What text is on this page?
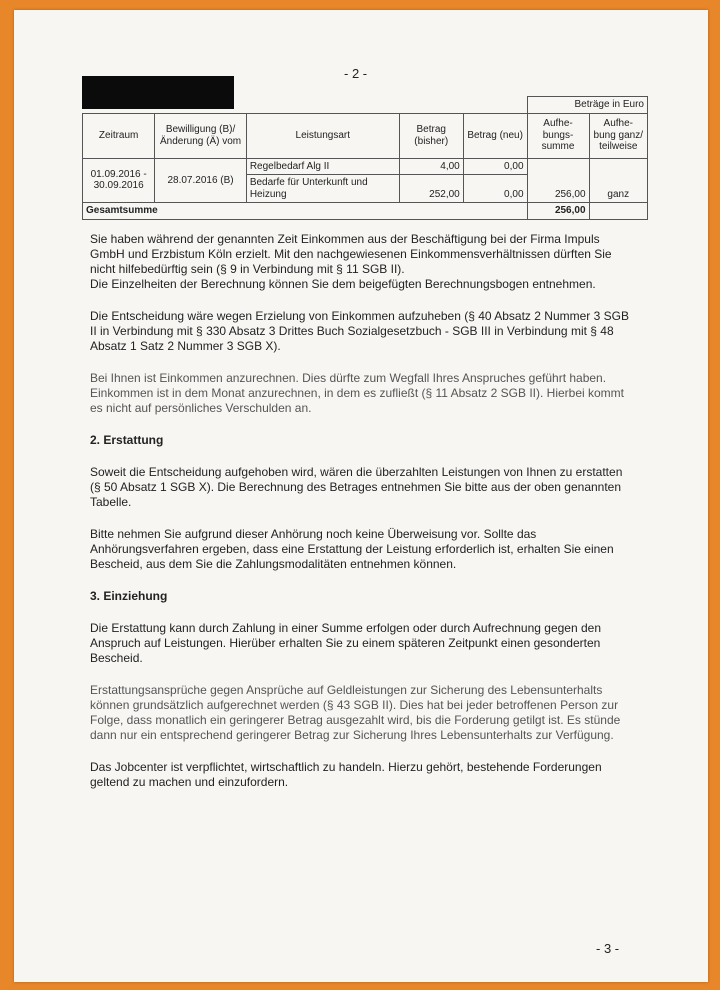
- 2 -
					Beträge in Euro	
Zeitraum	Bewilligung (B)/ Änderung (Ä) vom	Leistungsart	Betrag (bisher)	Betrag (neu)	Aufhe- bungs- summe	Aufhe- bung ganz/ teilweise

01.09.2016 -
30.09.2016	28.07.2016 (B)	Regelbedarf Alg II	4,00	0,00		
		Bedarfe für Unterkunft und Heizung	252,00	0,00	256,00	ganz
Gesamtsumme					256,00	

Sie haben während der genannten Zeit Einkommen aus der Beschäftigung bei der Firma Impuls GmbH und Erzbistum Köln erzielt. Mit den nachgewiesenen Einkommensverhältnissen dürften Sie nicht hilfebedürftig sein (§ 9 in Verbindung mit § 11 SGB II).
Die Einzelheiten der Berechnung können Sie dem beigefügten Berechnungsbogen entnehmen.

Die Entscheidung wäre wegen Erzielung von Einkommen aufzuheben (§ 40 Absatz 2 Nummer 3 SGB II in Verbindung mit § 330 Absatz 3 Drittes Buch Sozialgesetzbuch - SGB III in Verbindung mit § 48 Absatz 1 Satz 2 Nummer 3 SGB X).

Bei Ihnen ist Einkommen anzurechnen. Dies dürfte zum Wegfall Ihres Anspruches geführt haben. Einkommen ist in dem Monat anzurechnen, in dem es zufließt (§ 11 Absatz 2 SGB II). Hierbei kommt es nicht auf persönliches Verschulden an.

2. Erstattung

Soweit die Entscheidung aufgehoben wird, wären die überzahlten Leistungen von Ihnen zu erstatten (§ 50 Absatz 1 SGB X). Die Berechnung des Betrages entnehmen Sie bitte aus der oben genannten Tabelle.

Bitte nehmen Sie aufgrund dieser Anhörung noch keine Überweisung vor. Sollte das Anhörungsverfahren ergeben, dass eine Erstattung der Leistung erforderlich ist, erhalten Sie einen Bescheid, aus dem Sie die Zahlungsmodalitäten entnehmen können.

3. Einziehung

Die Erstattung kann durch Zahlung in einer Summe erfolgen oder durch Aufrechnung gegen den Anspruch auf Leistungen. Hierüber erhalten Sie zu einem späteren Zeitpunkt einen gesonderten Bescheid.

Erstattungsansprüche gegen Ansprüche auf Geldleistungen zur Sicherung des Lebensunterhalts können grundsätzlich aufgerechnet werden (§ 43 SGB II). Dies hat bei jeder betroffenen Person zur Folge, dass monatlich ein geringerer Betrag ausgezahlt wird, bis die Forderung getilgt ist. Es stünde dann nur ein entsprechend geringerer Betrag zur Sicherung Ihres Lebensunterhalts zur Verfügung.

Das Jobcenter ist verpflichtet, wirtschaftlich zu handeln. Hierzu gehört, bestehende Forderungen geltend zu machen und einzufordern.

- 3 -
